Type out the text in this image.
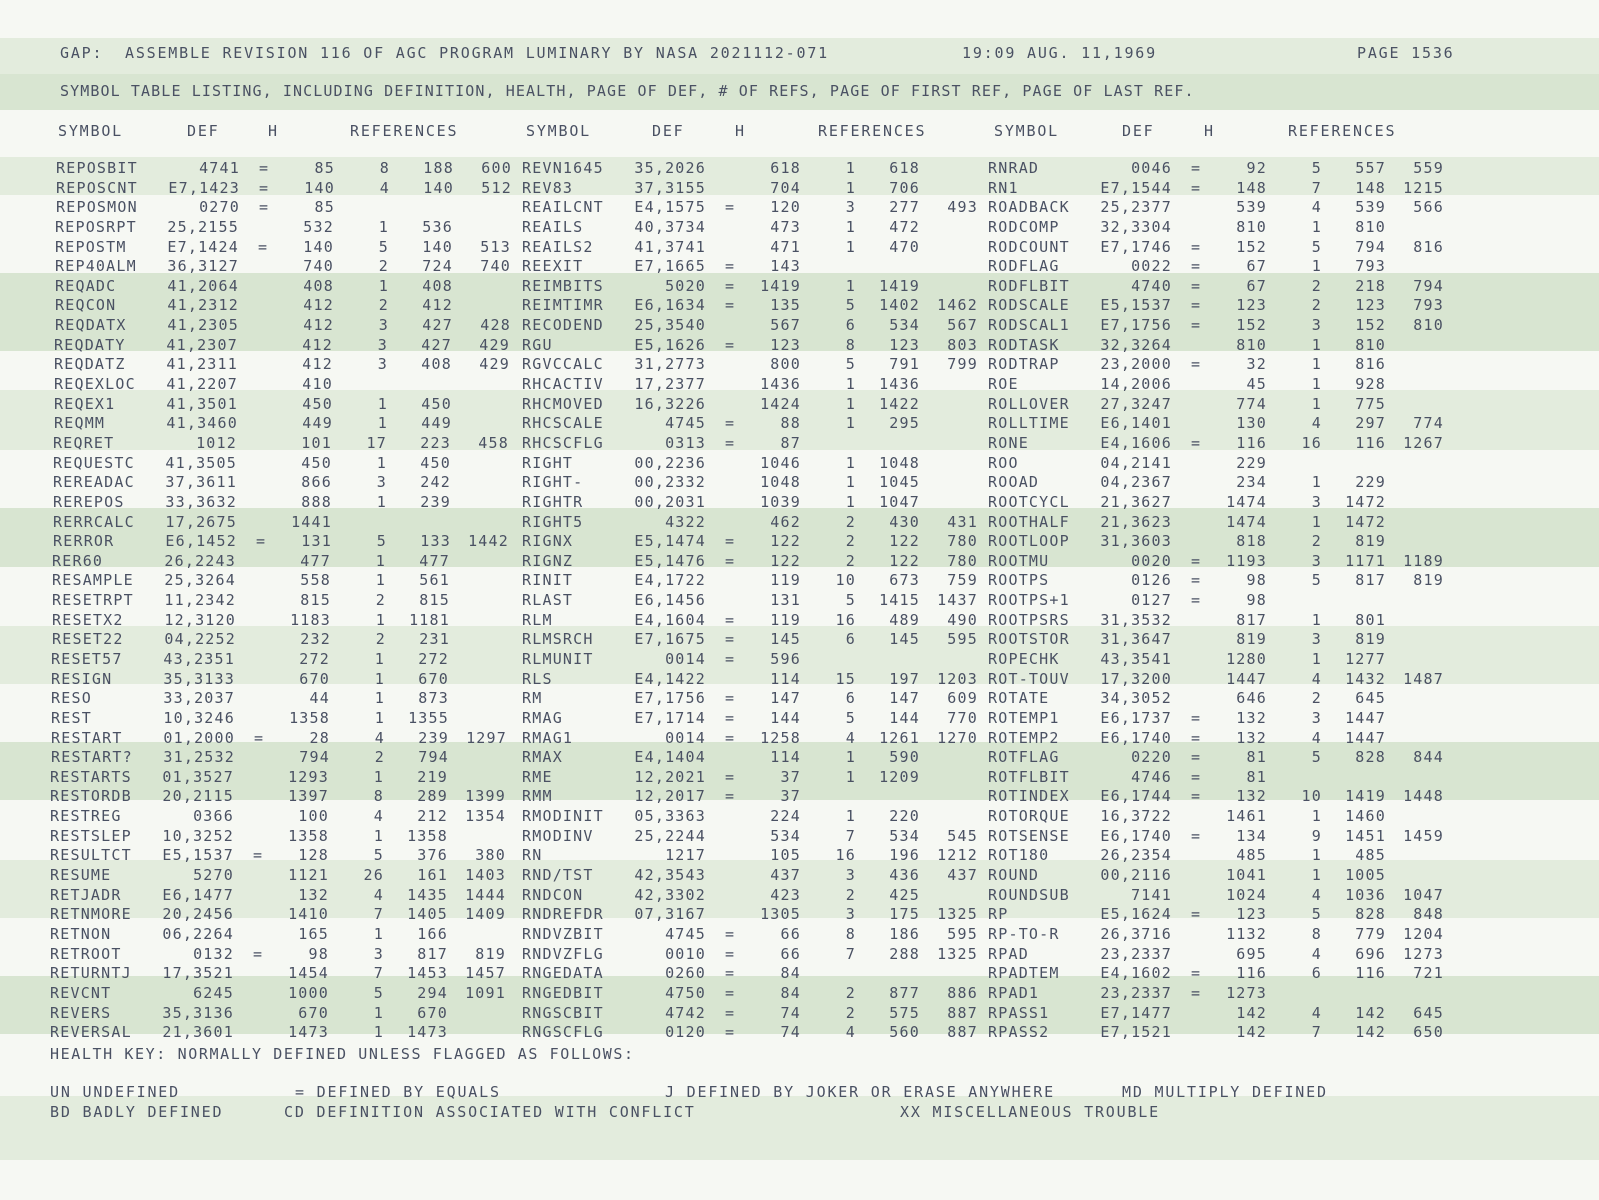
GAP:  ASSEMBLE REVISION 116 OF AGC PROGRAM LUMINARY BY NASA 2021112-071	19:09 AUG. 11,1969	PAGE 1536
SYMBOL TABLE LISTING, INCLUDING DEFINITION, HEALTH, PAGE OF DEF, # OF REFS, PAGE OF FIRST REF, PAGE OF LAST REF.
SYMBOL	DEF	H	REFERENCES	SYMBOL	DEF	H	REFERENCES	SYMBOL	DEF	H	REFERENCES
REPOSBIT	4741 =	85	8	188	600 REVN1645	35,2026	618	1	618	RNRAD	0046 =	92	5	557	559
REPOSCNT	E7,1423 =	140	4	140	512 REV83	37,3155	704	1	706	RN1	E7,1544 =	148	7	148	1215
REPOSMON	0270 =	85	REAILCNT	E4,1575 =	120	3	277	493 ROADBACK	25,2377	539	4	539	566
REPOSRPT	25,2155	532	1	536	REAILS	40,3734	473	1	472	RODCOMP	32,3304	810	1	810
REPOSTM	E7,1424 =	140	5	140	513 REAILS2	41,3741	471	1	470	RODCOUNT	E7,1746 =	152	5	794	816
REP40ALM	36,3127	740	2	724	740 REEXIT	E7,1665 =	143	RODFLAG	0022 =	67	1	793
REQADC	41,2064	408	1	408	REIMBITS	5020 =	1419	1	1419	RODFLBIT	4740 =	67	2	218	794
REQCON	41,2312	412	2	412	REIMTIMR	E6,1634 =	135	5	1402	1462 RODSCALE	E5,1537 =	123	2	123	793
REQDATX	41,2305	412	3	427	428 RECODEND	25,3540	567	6	534	567 RODSCAL1	E7,1756 =	152	3	152	810
REQDATY	41,2307	412	3	427	429 RGU	E5,1626 =	123	8	123	803 RODTASK	32,3264	810	1	810
REQDATZ	41,2311	412	3	408	429 RGVCCALC	31,2773	800	5	791	799 RODTRAP	23,2000 =	32	1	816
REQEXLOC	41,2207	410	RHCACTIV	17,2377	1436	1	1436	ROE	14,2006	45	1	928
REQEX1	41,3501	450	1	450	RHCMOVED	16,3226	1424	1	1422	ROLLOVER	27,3247	774	1	775
REQMM	41,3460	449	1	449	RHCSCALE	4745 =	88	1	295	ROLLTIME	E6,1401	130	4	297	774
REQRET	1012	101	17	223	458 RHCSCFLG	0313 =	87	RONE	E4,1606 =	116	16	116	1267
REQUESTC	41,3505	450	1	450	RIGHT	00,2236	1046	1	1048	ROO	04,2141	229
REREADAC	37,3611	866	3	242	RIGHT-	00,2332	1048	1	1045	ROOAD	04,2367	234	1	229
REREPOS	33,3632	888	1	239	RIGHTR	00,2031	1039	1	1047	ROOTCYCL	21,3627	1474	3	1472
RERRCALC	17,2675	1441	RIGHT5	4322	462	2	430	431 ROOTHALF	21,3623	1474	1	1472
RERROR	E6,1452 =	131	5	133	1442 RIGNX	E5,1474 =	122	2	122	780 ROOTLOOP	31,3603	818	2	819
RER60	26,2243	477	1	477	RIGNZ	E5,1476 =	122	2	122	780 ROOTMU	0020 =	1193	3	1171	1189
RESAMPLE	25,3264	558	1	561	RINIT	E4,1722	119	10	673	759 ROOTPS	0126 =	98	5	817	819
RESETRPT	11,2342	815	2	815	RLAST	E6,1456	131	5	1415	1437 ROOTPS+1	0127 =	98
RESETX2	12,3120	1183	1	1181	RLM	E4,1604 =	119	16	489	490 ROOTPSRS	31,3532	817	1	801
RESET22	04,2252	232	2	231	RLMSRCH	E7,1675 =	145	6	145	595 ROOTSTOR	31,3647	819	3	819
RESET57	43,2351	272	1	272	RLMUNIT	0014 =	596	ROPECHK	43,3541	1280	1	1277
RESIGN	35,3133	670	1	670	RLS	E4,1422	114	15	197	1203 ROT-TOUV	17,3200	1447	4	1432	1487
RESO	33,2037	44	1	873	RM	E7,1756 =	147	6	147	609 ROTATE	34,3052	646	2	645
REST	10,3246	1358	1	1355	RMAG	E7,1714 =	144	5	144	770 ROTEMP1	E6,1737 =	132	3	1447
RESTART	01,2000 =	28	4	239	1297 RMAG1	0014 =	1258	4	1261	1270 ROTEMP2	E6,1740 =	132	4	1447
RESTART?	31,2532	794	2	794	RMAX	E4,1404	114	1	590	ROTFLAG	0220 =	81	5	828	844
RESTARTS	01,3527	1293	1	219	RME	12,2021 =	37	1	1209	ROTFLBIT	4746 =	81
RESTORDB	20,2115	1397	8	289	1399 RMM	12,2017 =	37	ROTINDEX	E6,1744 =	132	10	1419	1448
RESTREG	0366	100	4	212	1354 RMODINIT	05,3363	224	1	220	ROTORQUE	16,3722	1461	1	1460
RESTSLEP	10,3252	1358	1	1358	RMODINV	25,2244	534	7	534	545 ROTSENSE	E6,1740 =	134	9	1451	1459
RESULTCT	E5,1537 =	128	5	376	380 RN	1217	105	16	196	1212 ROT180	26,2354	485	1	485
RESUME	5270	1121	26	161	1403 RND/TST	42,3543	437	3	436	437 ROUND	00,2116	1041	1	1005
RETJADR	E6,1477	132	4	1435	1444 RNDCON	42,3302	423	2	425	ROUNDSUB	7141	1024	4	1036	1047
RETNMORE	20,2456	1410	7	1405	1409 RNDREFDR	07,3167	1305	3	175	1325 RP	E5,1624 =	123	5	828	848
RETNON	06,2264	165	1	166	RNDVZBIT	4745 =	66	8	186	595 RP-TO-R	26,3716	1132	8	779	1204
RETROOT	0132 =	98	3	817	819 RNDVZFLG	0010 =	66	7	288	1325 RPAD	23,2337	695	4	696	1273
RETURNTJ	17,3521	1454	7	1453	1457 RNGEDATA	0260 =	84	RPADTEM	E4,1602 =	116	6	116	721
REVCNT	6245	1000	5	294	1091 RNGEDBIT	4750 =	84	2	877	886 RPAD1	23,2337 =	1273
REVERS	35,3136	670	1	670	RNGSCBIT	4742 =	74	2	575	887 RPASS1	E7,1477	142	4	142	645
REVERSAL	21,3601	1473	1	1473	RNGSCFLG	0120 =	74	4	560	887 RPASS2	E7,1521	142	7	142	650
HEALTH KEY: NORMALLY DEFINED UNLESS FLAGGED AS FOLLOWS:
UN UNDEFINED	= DEFINED BY EQUALS	J DEFINED BY JOKER OR ERASE ANYWHERE	MD MULTIPLY DEFINED
BD BADLY DEFINED	CD DEFINITION ASSOCIATED WITH CONFLICT	XX MISCELLANEOUS TROUBLE
